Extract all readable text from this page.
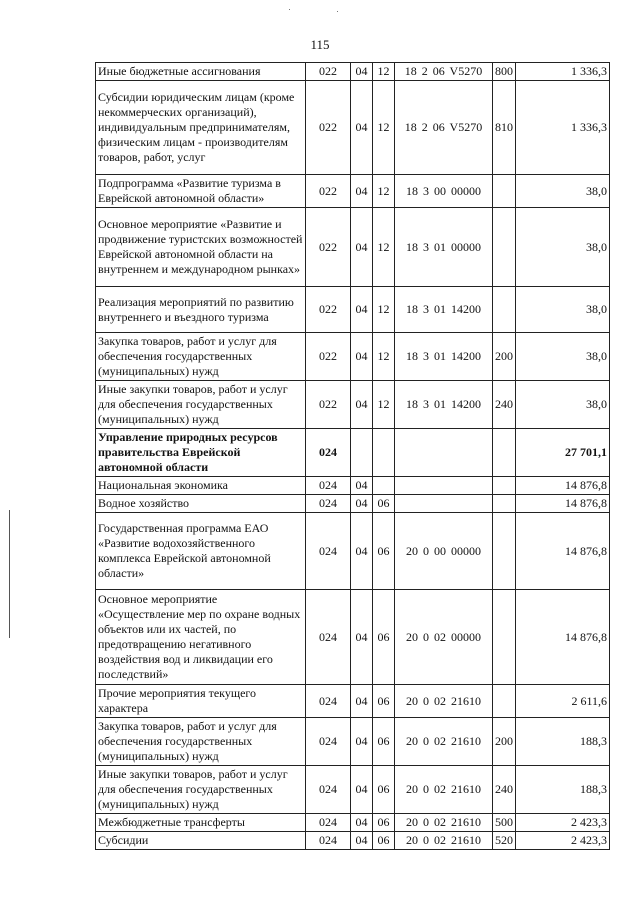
115
Иные бюджетные ассигнования	022	04	12	18 2 06 V5270	800	1 336,3
Субсидии юридическим лицам (кроме некоммерческих организаций), индивидуальным предпринимателям, физическим лицам - производителям товаров, работ, услуг	022	04	12	18 2 06 V5270	810	1 336,3
Подпрограмма «Развитие туризма в Еврейской автономной области»	022	04	12	18 3 00 00000		38,0
Основное мероприятие «Развитие и продвижение туристских возможностей Еврейской автономной области на внутреннем и международном рынках»	022	04	12	18 3 01 00000		38,0
Реализация мероприятий по развитию внутреннего и въездного туризма	022	04	12	18 3 01 14200		38,0
Закупка товаров, работ и услуг для обеспечения государственных (муниципальных) нужд	022	04	12	18 3 01 14200	200	38,0
Иные закупки товаров, работ и услуг для обеспечения государственных (муниципальных) нужд	022	04	12	18 3 01 14200	240	38,0
Управление природных ресурсов правительства Еврейской автономной области	024					27 701,1
Национальная экономика	024	04				14 876,8
Водное хозяйство	024	04	06			14 876,8
Государственная программа ЕАО «Развитие водохозяйственного комплекса Еврейской автономной области»	024	04	06	20 0 00 00000		14 876,8
Основное мероприятие «Осуществление мер по охране водных объектов или их частей, по предотвращению негативного воздействия вод и ликвидации его последствий»	024	04	06	20 0 02 00000		14 876,8
Прочие мероприятия текущего характера	024	04	06	20 0 02 21610		2 611,6
Закупка товаров, работ и услуг для обеспечения государственных (муниципальных) нужд	024	04	06	20 0 02 21610	200	188,3
Иные закупки товаров, работ и услуг для обеспечения государственных (муниципальных) нужд	024	04	06	20 0 02 21610	240	188,3
Межбюджетные трансферты	024	04	06	20 0 02 21610	500	2 423,3
Субсидии	024	04	06	20 0 02 21610	520	2 423,3
